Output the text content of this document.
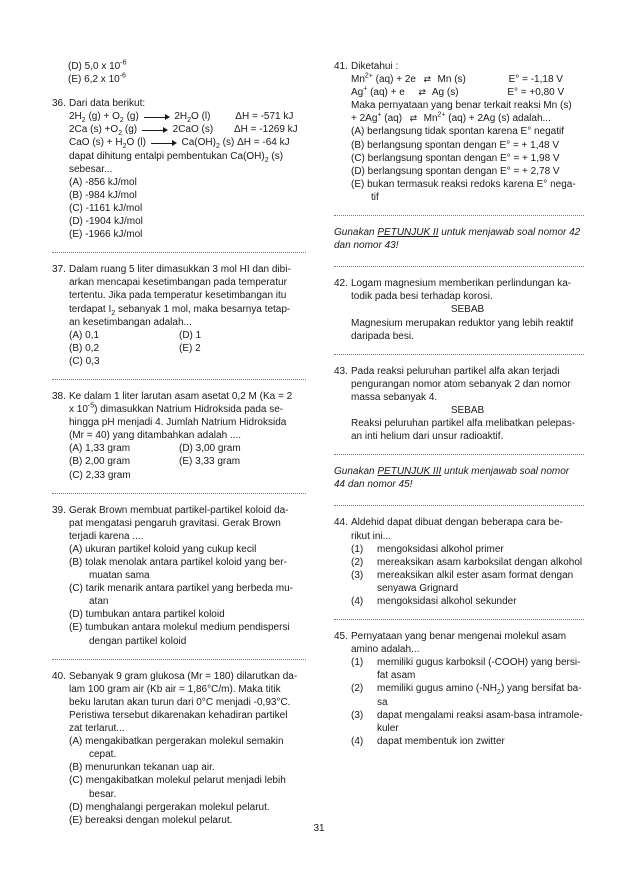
(D) 5,0 x $10^{-6}$
(E) 6,2 x $10^{-6}$
36. Dari data berikut:
$2H_2$ $(g) + O_2$ (g)	$2H_2O$ (l) ΔH = -571 kJ
2Ca $(s) +O_2$ (g)	2CaO (s) ΔH = -1269 kJ
CaO $(s) + H_2O$ (l)	$Ca(OH)_2$ (s) ΔH = -64 kJ
dapat dihitung entalpi pembentukan $Ca(OH)_2$ (s)
sebesar...
(A) -856 kJ/mol
(B) -984 kJ/mol
(C) -1161 kJ/mol
(D) -1904 kJ/mol
(E) -1966 kJ/mol
37. Dalam ruang 5 liter dimasukkan 3 mol HI dan dibi-
arkan mencapai kesetimbangan pada temperatur
tertentu. Jika pada temperatur kesetimbangan itu
terdapat $I_2$ sebanyak 1 mol, maka besarnya tetap-
an kesetimbangan adalah...
(A) 0,1	(D) 1
(B) 0,2	(E) 2
(C) 0,3
38. Ke dalam 1 liter larutan asam asetat 0,2 M (Ka = 2
x $10^{-5}$) dimasukkan Natrium Hidroksida pada se-
hingga pH menjadi 4. Jumlah Natrium Hidroksida
(Mr = 40) yang ditambahkan adalah ....
(A) 1,33 gram	(D) 3,00 gram
(B) 2,00 gram	(E) 3,33 gram
(C) 2,33 gram
39. Gerak Brown membuat partikel-partikel koloid da-
pat mengatasi pengaruh gravitasi. Gerak Brown
terjadi karena ....
(A) ukuran partikel koloid yang cukup kecil
(B) tolak menolak antara partikel koloid yang ber-
muatan sama
(C) tarik menarik antara partikel yang berbeda mu-
atan
(D) tumbukan antara partikel koloid
(E) tumbukan antara molekul medium pendispersi
dengan partikel koloid
40. Sebanyak 9 gram glukosa (Mr = 180) dilarutkan da-
lam 100 gram air (Kb air = 1,86°C/m). Maka titik
beku larutan akan turun dari 0°C menjadi -0,93°C.
Peristiwa tersebut dikarenakan kehadiran partikel
zat terlarut...
(A) mengakibatkan pergerakan molekul semakin
cepat.
(B) menurunkan tekanan uap air.
(C) mengakibatkan molekul pelarut menjadi lebih
besar.
(D) menghalangi pergerakan molekul pelarut.
(E) bereaksi dengan molekul pelarut.
41. Diketahui :
$Mn^{2+}$ (aq) + 2e ⇄ Mn (s)	E° = -1,18 V
Ag+ (aq) + e ⇄ Ag (s)	E° = +0,80 V
Maka pernyataan yang benar terkait reaksi Mn (s)
+ 2Ag+ (aq) ⇄ $Mn^{2+}$ (aq) + 2Ag (s) adalah...
(A) berlangsung tidak spontan karena E° negatif
(B) berlangsung spontan dengan E° = + 1,48 V
(C) berlangsung spontan dengan E° = + 1,98 V
(D) berlangsung spontan dengan E° = + 2,78 V
(E) bukan termasuk reaksi redoks karena E° nega-
tif
Gunakan PETUNJUK II untuk menjawab soal nomor 42
dan nomor 43!
42. Logam magnesium memberikan perlindungan ka-
todik pada besi terhadap korosi.
SEBAB
Magnesium merupakan reduktor yang lebih reaktif
daripada besi.
43. Pada reaksi peluruhan partikel alfa akan terjadi
pengurangan nomor atom sebanyak 2 dan nomor
massa sebanyak 4.
SEBAB
Reaksi peluruhan partikel alfa melibatkan pelepas-
an inti helium dari unsur radioaktif.
Gunakan PETUNJUK III untuk menjawab soal nomor
44 dan nomor 45!
44. Aldehid dapat dibuat dengan beberapa cara be-
rikut ini...
(1) mengoksidasi alkohol primer
(2) mereaksikan asam karboksilat dengan alkohol
(3) mereaksikan alkil ester asam format dengan
senyawa Grignard
(4) mengoksidasi alkohol sekunder
45. Pernyataan yang benar mengenai molekul asam
amino adalah...
(1) memiliki gugus karboksil (-COOH) yang bersi-
fat asam
(2) memiliki gugus amino $(-NH_2)$ yang bersifat ba-
sa
(3) dapat mengalami reaksi asam-basa intramole-
kuler
(4) dapat membentuk ion zwitter
31
